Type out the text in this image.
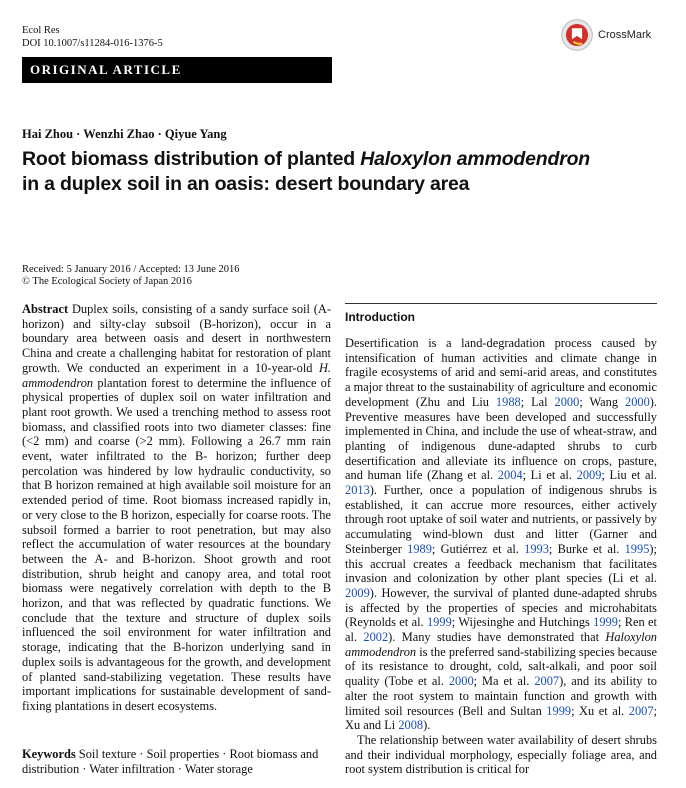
Ecol Res
DOI 10.1007/s11284-016-1376-5
CrossMark
ORIGINAL ARTICLE
Hai Zhou · Wenzhi Zhao · Qiyue Yang
Root biomass distribution of planted Haloxylon ammodendron
in a duplex soil in an oasis: desert boundary area
Received: 5 January 2016 / Accepted: 13 June 2016
© The Ecological Society of Japan 2016
Abstract Duplex soils, consisting of a sandy surface soil (A-horizon) and silty-clay subsoil (B-horizon), occur in a boundary area between oasis and desert in northwestern China and create a challenging habitat for restoration of plant growth. We conducted an experiment in a 10-year-old H. ammodendron plantation forest to determine the influence of physical properties of duplex soil on water infiltration and plant root growth. We used a trenching method to assess root biomass, and classified roots into two diameter classes: fine (<2 mm) and coarse (>2 mm). Following a 26.7 mm rain event, water infiltrated to the B- horizon; further deep percolation was hindered by low hydraulic conductivity, so that B horizon remained at high available soil moisture for an extended period of time. Root biomass increased rapidly in, or very close to the B horizon, especially for coarse roots. The subsoil formed a barrier to root penetration, but may also reflect the accumulation of water resources at the boundary between the A- and B-horizon. Shoot growth and root distribution, shrub height and canopy area, and total root biomass were negatively correlation with depth to the B horizon, and that was reflected by quadratic functions. We conclude that the texture and structure of duplex soils influenced the soil environment for water infiltration and storage, indicating that the B-horizon underlying sand in duplex soils is advantageous for the growth, and development of planted sand-stabilizing vegetation. These results have important implications for sustainable development of sand-fixing plantations in desert ecosystems.
Keywords Soil texture · Soil properties · Root biomass and distribution · Water infiltration · Water storage
Introduction

Desertification is a land-degradation process caused by intensification of human activities and climate change in fragile ecosystems of arid and semi-arid areas, and constitutes a major threat to the sustainability of agriculture and economic development (Zhu and Liu 1988; Lal 2000; Wang 2000). Preventive measures have been developed and successfully implemented in China, and include the use of wheat-straw, and planting of indigenous dune-adapted shrubs to curb desertification and alleviate its influence on crops, pasture, and human life (Zhang et al. 2004; Li et al. 2009; Liu et al. 2013). Further, once a population of indigenous shrubs is established, it can accrue more resources, either actively through root uptake of soil water and nutrients, or passively by accumulating wind-blown dust and litter (Garner and Steinberger 1989; Gutiérrez et al. 1993; Burke et al. 1995); this accrual creates a feedback mechanism that facilitates invasion and colonization by other plant species (Li et al. 2009). However, the survival of planted dune-adapted shrubs is affected by the properties of species and microhabitats (Reynolds et al. 1999; Wijesinghe and Hutchings 1999; Ren et al. 2002). Many studies have demonstrated that Haloxylon ammodendron is the preferred sand-stabilizing species because of its resistance to drought, cold, salt-alkali, and poor soil quality (Tobe et al. 2000; Ma et al. 2007), and its ability to alter the root system to maintain function and growth with limited soil resources (Bell and Sultan 1999; Xu et al. 2007; Xu and Li 2008).

The relationship between water availability of desert shrubs and their individual morphology, especially foliage area, and root system distribution is critical for
